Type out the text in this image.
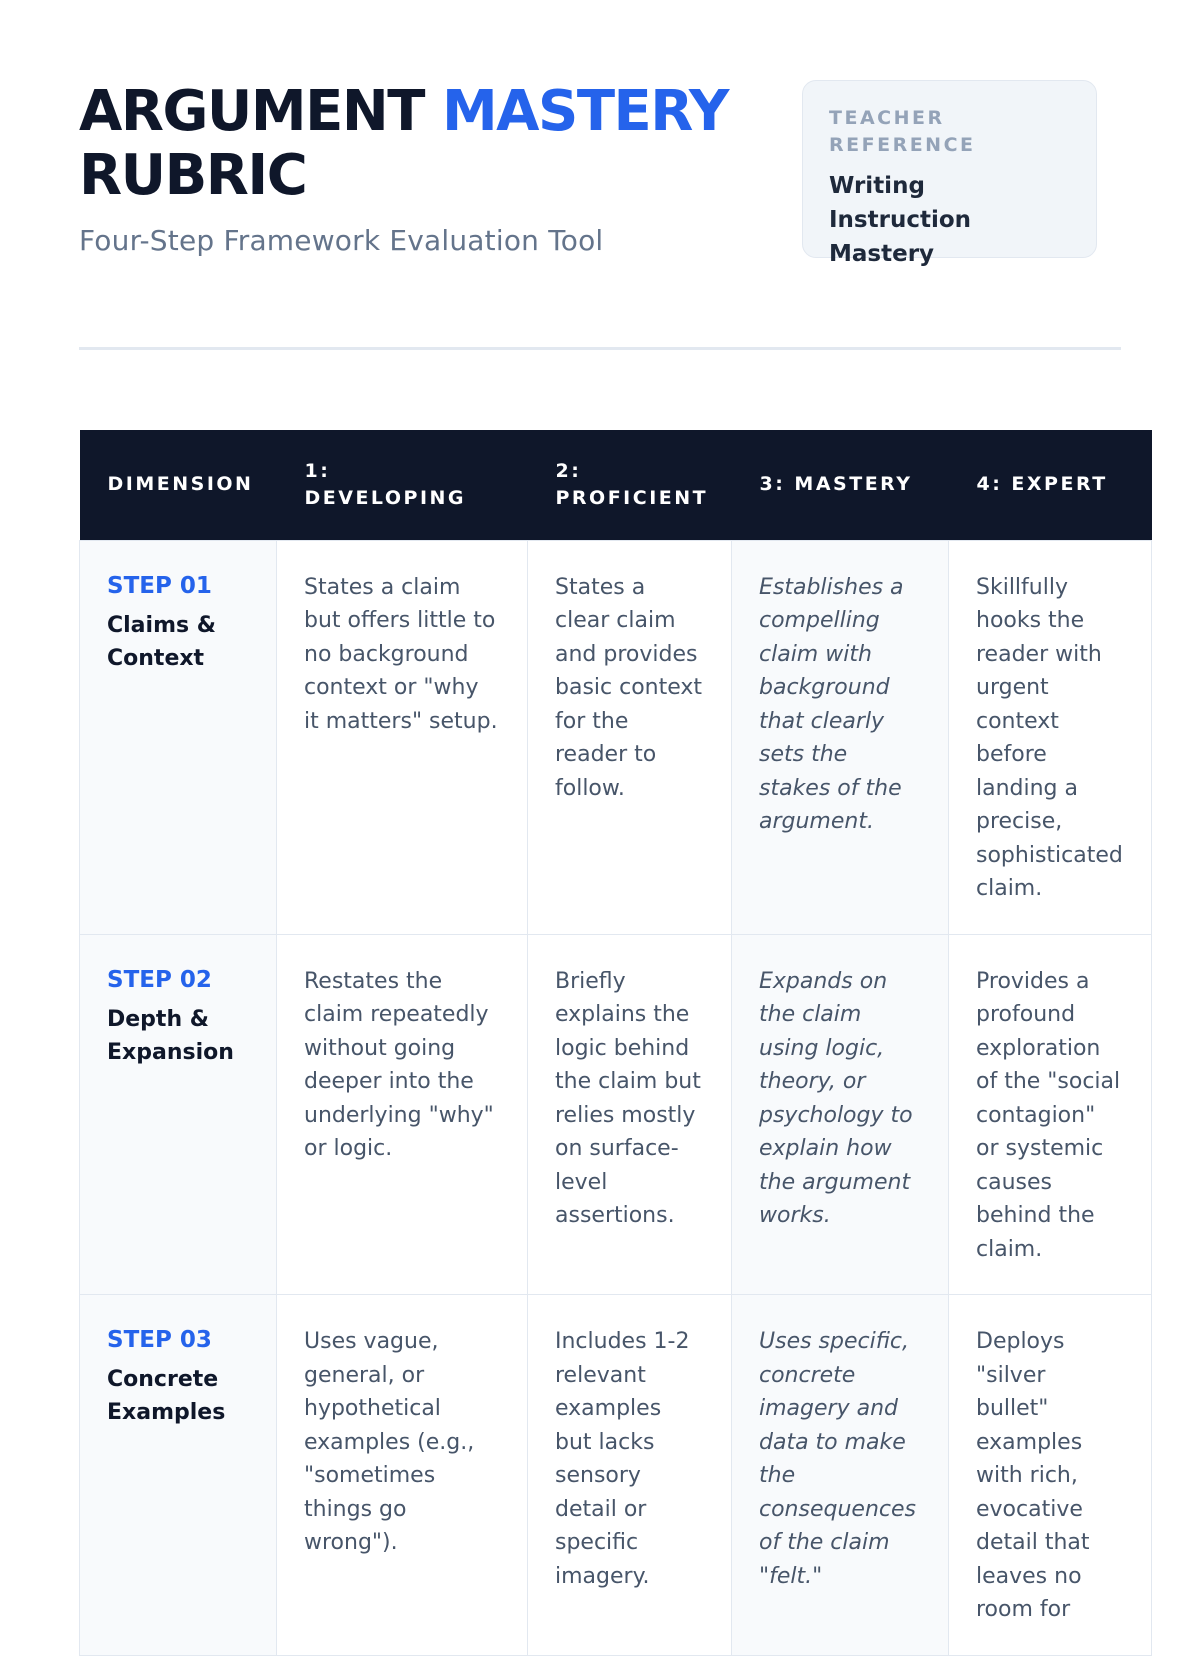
ARGUMENT MASTERY RUBRIC
Four-Step Framework Evaluation Tool
TEACHER REFERENCE
Writing Instruction Mastery
DIMENSION	1: DEVELOPING	2: PROFICIENT	3: MASTERY	4: EXPERT

STEP 01
Claims & Context	States a claim but offers little to no background context or "why it matters" setup.	States a clear claim and provides basic context for the reader to follow.	Establishes a compelling claim with background that clearly sets the stakes of the argument.	Skillfully hooks the reader with urgent context before landing a precise, sophisticated claim.

STEP 02
Depth & Expansion	Restates the claim repeatedly without going deeper into the underlying "why" or logic.	Briefly explains the logic behind the claim but relies mostly on surface-level assertions.	Expands on the claim using logic, theory, or psychology to explain how the argument works.	Provides a profound exploration of the "social contagion" or systemic causes behind the claim.

STEP 03
Concrete Examples	Uses vague, general, or hypothetical examples (e.g., "sometimes things go wrong").	Includes 1-2 relevant examples but lacks sensory detail or specific imagery.	Uses specific, concrete imagery and data to make the consequences of the claim "felt."	Deploys "silver bullet" examples with rich, evocative detail that leaves no room for
